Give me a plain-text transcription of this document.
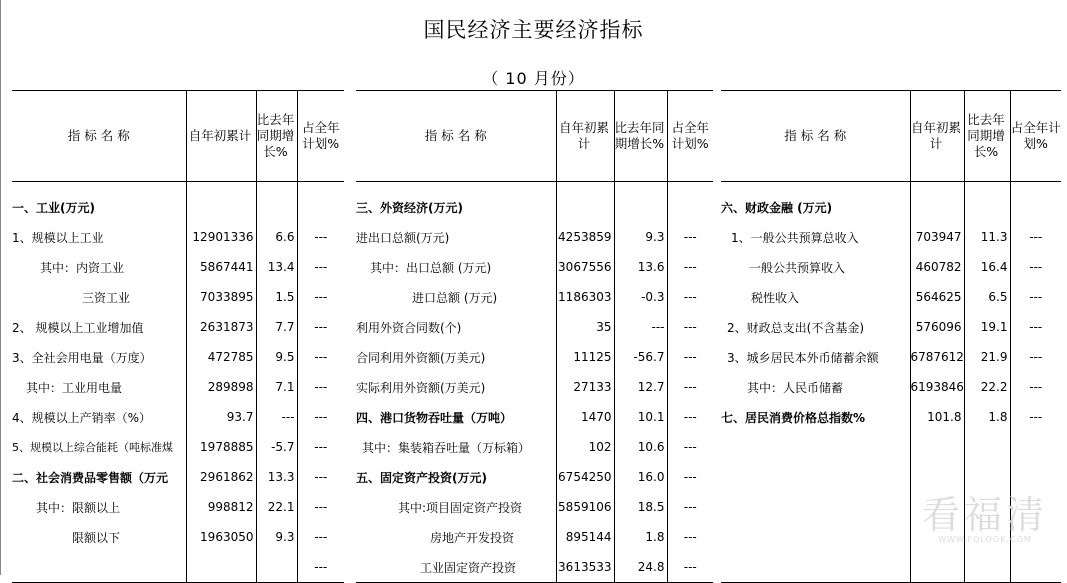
国民经济主要经济指标
（ 10 月份）
指 标 名 称	自年初累计	比去年同期增长%	占全年计划%

一、工业(万元)			
1、规模以上工业	12901336	6.6	---
其中：内资工业	5867441	13.4	---
三资工业	7033895	1.5	---
2、 规模以上工业增加值	2631873	7.7	---
3、全社会用电量（万度）	472785	9.5	---
其中：工业用电量	289898	7.1	---
4、规模以上产销率（%）	93.7	---	---
5、规模以上综合能耗（吨标准煤	1978885	-5.7	---
二、社会消费品零售额（万元	2961862	13.3	---
其中：限额以上	998812	22.1	---
限额以下	1963050	9.3	---
			---
指 标 名 称	自年初累计	比去年同期增长%	占全年计划%

三、外资经济(万元)			
进出口总额(万元)	4253859	9.3	---
其中：出口总额 (万元)	3067556	13.6	---
进口总额 (万元)	1186303	-0.3	---
利用外资合同数(个)	35	---	---
合同利用外资额(万美元)	11125	-56.7	---
实际利用外资额(万美元)	27133	12.7	---
四、港口货物吞吐量（万吨）	1470	10.1	---
其中：集装箱吞吐量（万标箱）	102	10.6	---
五、固定资产投资(万元)	6754250	16.0	---
其中:项目固定资产投资	5859106	18.5	---
房地产开发投资	895144	1.8	---
工业固定资产投资	3613533	24.8	---
指 标 名 称	自年初累计	比去年同期增长%	占全年计划%

六、财政金融 (万元)			
1、一般公共预算总收入	703947	11.3	---
一般公共预算收入	460782	16.4	---
税性收入	564625	6.5	---
2、财政总支出(不含基金)	576096	19.1	---
3、城乡居民本外币储蓄余额	6787612	21.9	---
其中：人民币储蓄	6193846	22.2	---
七、居民消费价格总指数%	101.8	1.8	---

看福清
WWW.FQLOOK.COM
